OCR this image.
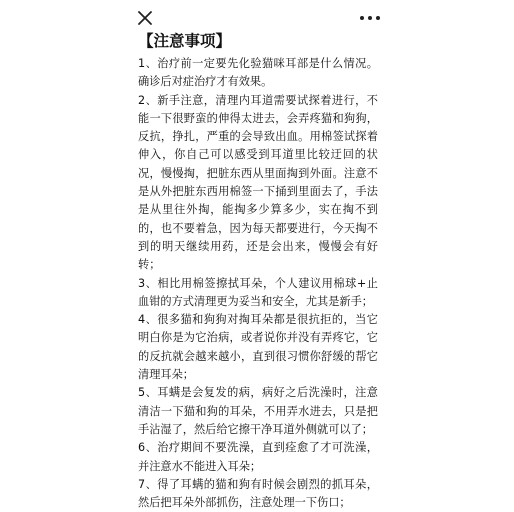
【注意事项】

1、治疗前一定要先化验猫咪耳部是什么情况。确诊后对症治疗才有效果。

2、新手注意，清理内耳道需要试探着进行，不能一下很野蛮的伸得太进去，会弄疼猫和狗狗，反抗，挣扎，严重的会导致出血。用棉签试探着伸入，你自己可以感受到耳道里比较迂回的状况，慢慢掏，把脏东西从里面掏到外面。注意不是从外把脏东西用棉签一下捅到里面去了，手法是从里往外掏，能掏多少算多少，实在掏不到的，也不要着急，因为每天都要进行，今天掏不到的明天继续用药，还是会出来，慢慢会有好转；

3、相比用棉签擦拭耳朵，个人建议用棉球+止血钳的方式清理更为妥当和安全，尤其是新手；

4、很多猫和狗狗对掏耳朵都是很抗拒的，当它明白你是为它治病，或者说你并没有弄疼它，它的反抗就会越来越小，直到很习惯你舒缓的帮它清理耳朵；

5、耳螨是会复发的病，病好之后洗澡时，注意清洁一下猫和狗的耳朵，不用弄水进去，只是把手沾湿了，然后给它擦干净耳道外侧就可以了；

6、治疗期间不要洗澡，直到痊愈了才可洗澡，并注意水不能进入耳朵；

7、得了耳螨的猫和狗有时候会剧烈的抓耳朵，然后把耳朵外部抓伤，注意处理一下伤口；
